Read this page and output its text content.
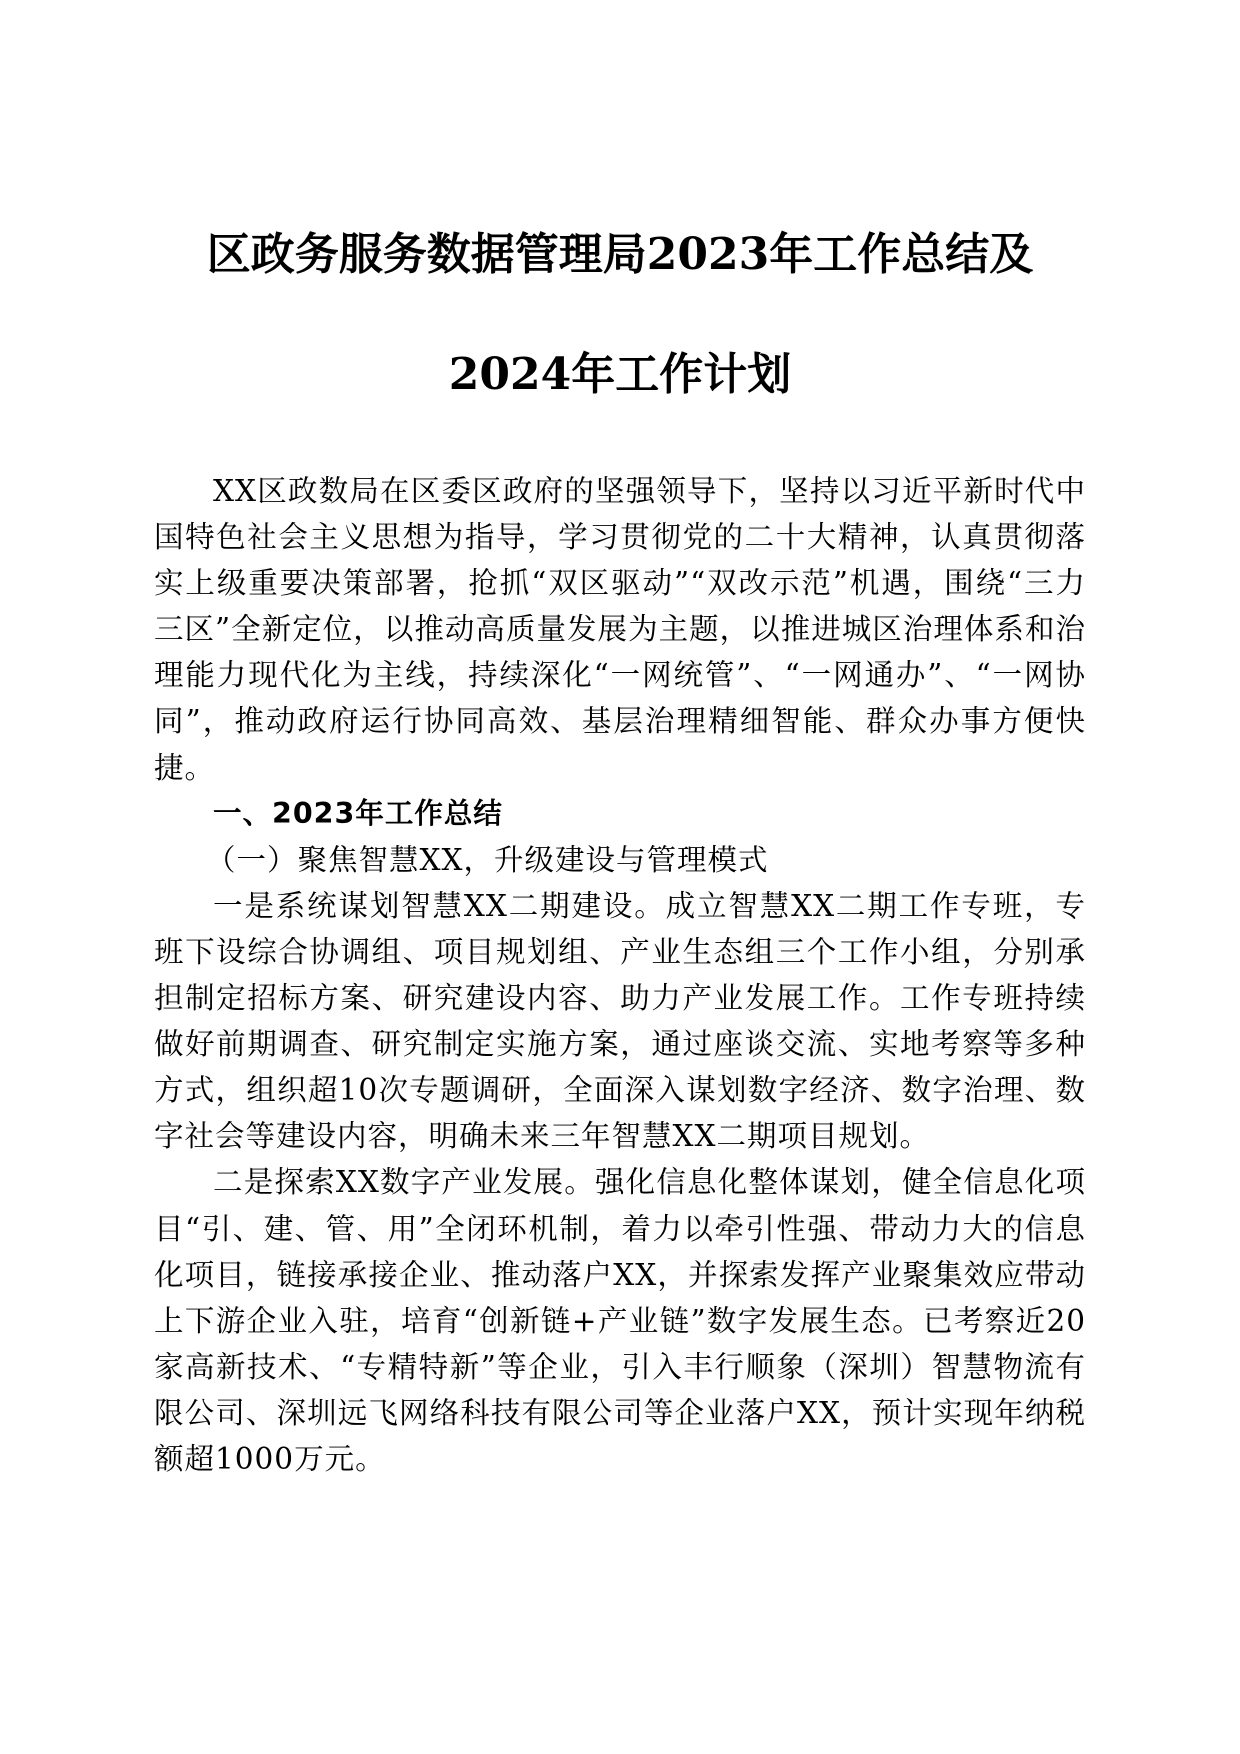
区政务服务数据管理局2023年工作总结及
2024年工作计划

XX区政数局在区委区政府的坚强领导下，坚持以习近平新时代中国特色社会主义思想为指导，学习贯彻党的二十大精神，认真贯彻落实上级重要决策部署，抢抓“双区驱动”“双改示范”机遇，围绕“三力三区”全新定位，以推动高质量发展为主题，以推进城区治理体系和治理能力现代化为主线，持续深化“一网统管”、“一网通办”、“一网协同”，推动政府运行协同高效、基层治理精细智能、群众办事方便快捷。

一、2023年工作总结

（一）聚焦智慧XX，升级建设与管理模式

一是系统谋划智慧XX二期建设。成立智慧XX二期工作专班，专班下设综合协调组、项目规划组、产业生态组三个工作小组，分别承担制定招标方案、研究建设内容、助力产业发展工作。工作专班持续做好前期调查、研究制定实施方案，通过座谈交流、实地考察等多种方式，组织超10次专题调研，全面深入谋划数字经济、数字治理、数字社会等建设内容，明确未来三年智慧XX二期项目规划。

二是探索XX数字产业发展。强化信息化整体谋划，健全信息化项目“引、建、管、用”全闭环机制，着力以牵引性强、带动力大的信息化项目，链接承接企业、推动落户XX，并探索发挥产业聚集效应带动上下游企业入驻，培育“创新链+产业链”数字发展生态。已考察近20家高新技术、“专精特新”等企业，引入丰行顺象（深圳）智慧物流有限公司、深圳远飞网络科技有限公司等企业落户XX，预计实现年纳税额超1000万元。
